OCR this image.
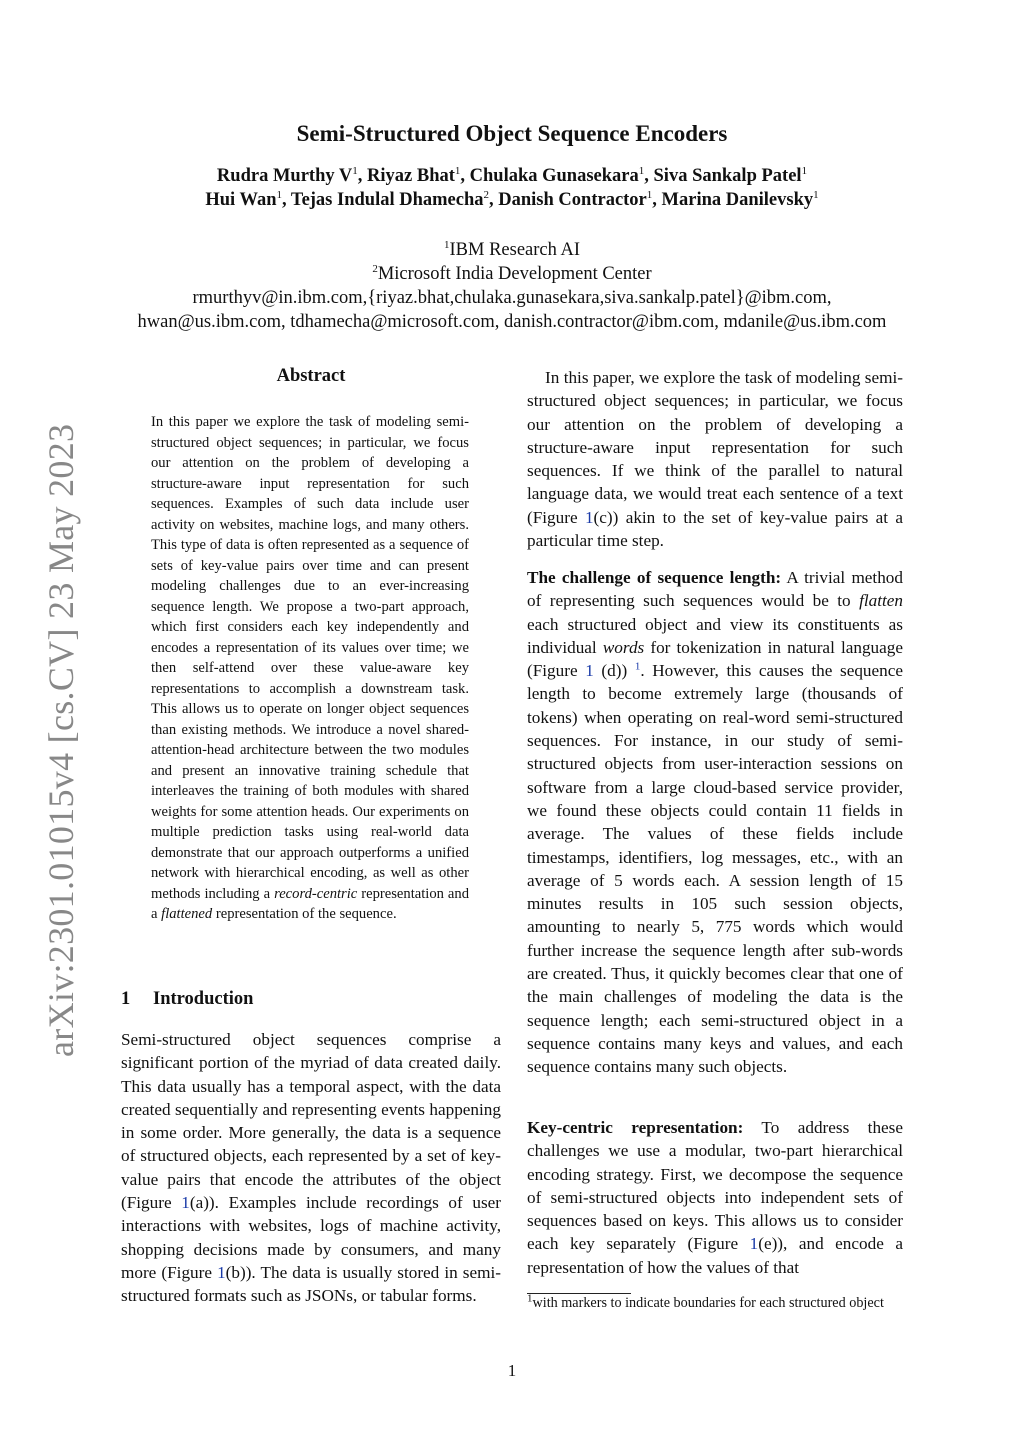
arXiv:2301.01015v4 [cs.CV] 23 May 2023
Semi-Structured Object Sequence Encoders
Rudra Murthy $V^1$, Riyaz Bhat$^1$, Chulaka Gunasekara$^1$, Siva Sankalp Patel$^1$
Hui Wan$^1$, Tejas Indulal Dhamecha$^2$, Danish Contractor$^1$, Marina Danilevsky$^1$
$^1$IBM Research AI
$^2$Microsoft India Development Center
rmurthyv@in.ibm.com,{riyaz.bhat,chulaka.gunasekara,siva.sankalp.patel}@ibm.com,
hwan@us.ibm.com, tdhamecha@microsoft.com, danish.contractor@ibm.com, mdanile@us.ibm.com
Abstract
In this paper we explore the task of modeling semi-structured object sequences; in particular, we focus our attention on the problem of developing a structure-aware input representation for such sequences. Examples of such data include user activity on websites, machine logs, and many others. This type of data is often represented as a sequence of sets of key-value pairs over time and can present modeling challenges due to an ever-increasing sequence length. We propose a two-part approach, which first considers each key independently and encodes a representation of its values over time; we then self-attend over these value-aware key representations to accomplish a downstream task. This allows us to operate on longer object sequences than existing methods. We introduce a novel shared-attention-head architecture between the two modules and present an innovative training schedule that interleaves the training of both modules with shared weights for some attention heads. Our experiments on multiple prediction tasks using real-world data demonstrate that our approach outperforms a unified network with hierarchical encoding, as well as other methods including a record-centric representation and a flattened representation of the sequence.
1 Introduction

Semi-structured object sequences comprise a significant portion of the myriad of data created daily. This data usually has a temporal aspect, with the data created sequentially and representing events happening in some order. More generally, the data is a sequence of structured objects, each represented by a set of key-value pairs that encode the attributes of the object (Figure 1(a)). Examples include recordings of user interactions with websites, logs of machine activity, shopping decisions made by consumers, and many more (Figure 1(b)). The data is usually stored in semi-structured formats such as JSONs, or tabular forms.

In this paper, we explore the task of modeling semi-structured object sequences; in particular, we focus our attention on the problem of developing a structure-aware input representation for such sequences. If we think of the parallel to natural language data, we would treat each sentence of a text (Figure 1(c)) akin to the set of key-value pairs at a particular time step.

The challenge of sequence length: A trivial method of representing such sequences would be to flatten each structured object and view its constituents as individual words for tokenization in natural language (Figure 1 (d)) $^1$. However, this causes the sequence length to become extremely large (thousands of tokens) when operating on real-word semi-structured sequences. For instance, in our study of semi-structured objects from user-interaction sessions on software from a large cloud-based service provider, we found these objects could contain 11 fields in average. The values of these fields include timestamps, identifiers, log messages, etc., with an average of 5 words each. A session length of 15 minutes results in 105 such session objects, amounting to nearly 5, 775 words which would further increase the sequence length after sub-words are created. Thus, it quickly becomes clear that one of the main challenges of modeling the data is the sequence length; each semi-structured object in a sequence contains many keys and values, and each sequence contains many such objects.

Key-centric representation: To address these challenges we use a modular, two-part hierarchical encoding strategy. First, we decompose the sequence of semi-structured objects into independent sets of sequences based on keys. This allows us to consider each key separately (Figure 1(e)), and encode a representation of how the values of that

$^1$with markers to indicate boundaries for each structured object
1
